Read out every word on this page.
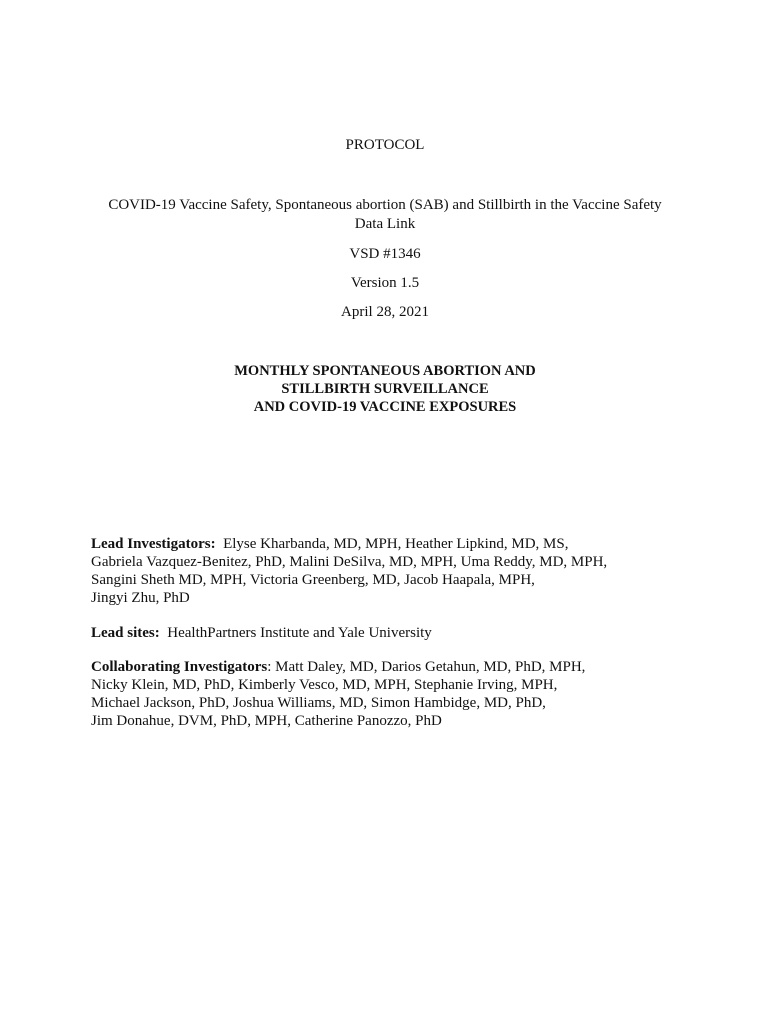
PROTOCOL
COVID-19 Vaccine Safety, Spontaneous abortion (SAB) and Stillbirth in the Vaccine Safety
Data Link
VSD #1346
Version 1.5
April 28, 2021
MONTHLY SPONTANEOUS ABORTION AND
STILLBIRTH SURVEILLANCE
AND COVID-19 VACCINE EXPOSURES
Lead Investigators: Elyse Kharbanda, MD, MPH, Heather Lipkind, MD, MS,
Gabriela Vazquez-Benitez, PhD, Malini DeSilva, MD, MPH, Uma Reddy, MD, MPH,
Sangini Sheth MD, MPH, Victoria Greenberg, MD, Jacob Haapala, MPH,
Jingyi Zhu, PhD
Lead sites: HealthPartners Institute and Yale University
Collaborating Investigators: Matt Daley, MD, Darios Getahun, MD, PhD, MPH,
Nicky Klein, MD, PhD, Kimberly Vesco, MD, MPH, Stephanie Irving, MPH,
Michael Jackson, PhD, Joshua Williams, MD, Simon Hambidge, MD, PhD,
Jim Donahue, DVM, PhD, MPH, Catherine Panozzo, PhD
